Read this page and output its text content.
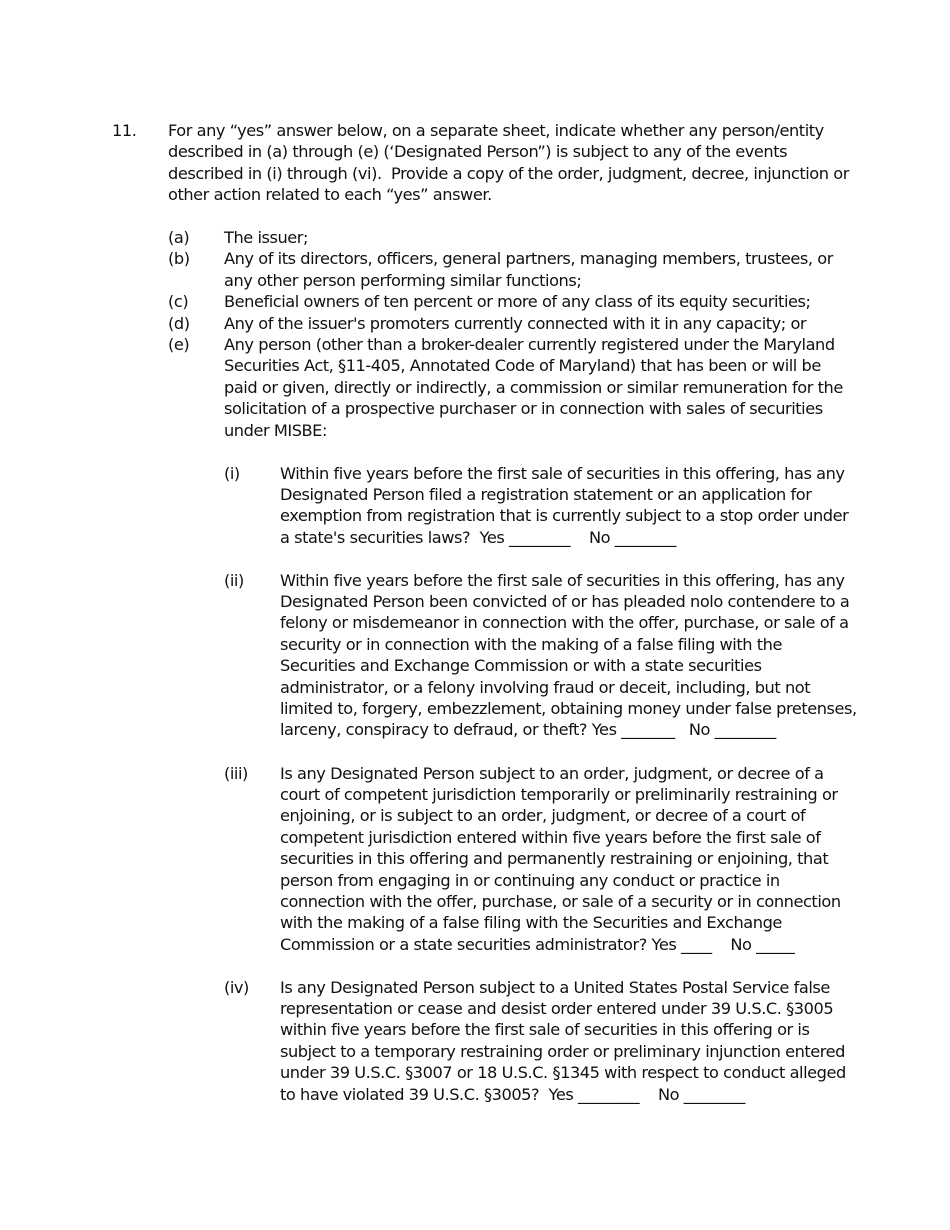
11. For any “yes” answer below, on a separate sheet, indicate whether any person/entity
described in (a) through (e) (‘Designated Person”) is subject to any of the events
described in (i) through (vi).  Provide a copy of the order, judgment, decree, injunction or
other action related to each “yes” answer.
(a) The issuer;
(b) Any of its directors, officers, general partners, managing members, trustees, or
any other person performing similar functions;
(c) Beneficial owners of ten percent or more of any class of its equity securities;
(d) Any of the issuer's promoters currently connected with it in any capacity; or
(e) Any person (other than a broker-dealer currently registered under the Maryland
Securities Act, §11-405, Annotated Code of Maryland) that has been or will be
paid or given, directly or indirectly, a commission or similar remuneration for the
solicitation of a prospective purchaser or in connection with sales of securities
under MISBE:
(i) Within five years before the first sale of securities in this offering, has any
Designated Person filed a registration statement or an application for
exemption from registration that is currently subject to a stop order under
a state's securities laws?  Yes ________    No ________
(ii) Within five years before the first sale of securities in this offering, has any
Designated Person been convicted of or has pleaded nolo contendere to a
felony or misdemeanor in connection with the offer, purchase, or sale of a
security or in connection with the making of a false filing with the
Securities and Exchange Commission or with a state securities
administrator, or a felony involving fraud or deceit, including, but not
limited to, forgery, embezzlement, obtaining money under false pretenses,
larceny, conspiracy to defraud, or theft? Yes _______   No ________
(iii) Is any Designated Person subject to an order, judgment, or decree of a
court of competent jurisdiction temporarily or preliminarily restraining or
enjoining, or is subject to an order, judgment, or decree of a court of
competent jurisdiction entered within five years before the first sale of
securities in this offering and permanently restraining or enjoining, that
person from engaging in or continuing any conduct or practice in
connection with the offer, purchase, or sale of a security or in connection
with the making of a false filing with the Securities and Exchange
Commission or a state securities administrator? Yes ____    No _____
(iv) Is any Designated Person subject to a United States Postal Service false
representation or cease and desist order entered under 39 U.S.C. §3005
within five years before the first sale of securities in this offering or is
subject to a temporary restraining order or preliminary injunction entered
under 39 U.S.C. §3007 or 18 U.S.C. §1345 with respect to conduct alleged
to have violated 39 U.S.C. §3005?  Yes ________    No ________
